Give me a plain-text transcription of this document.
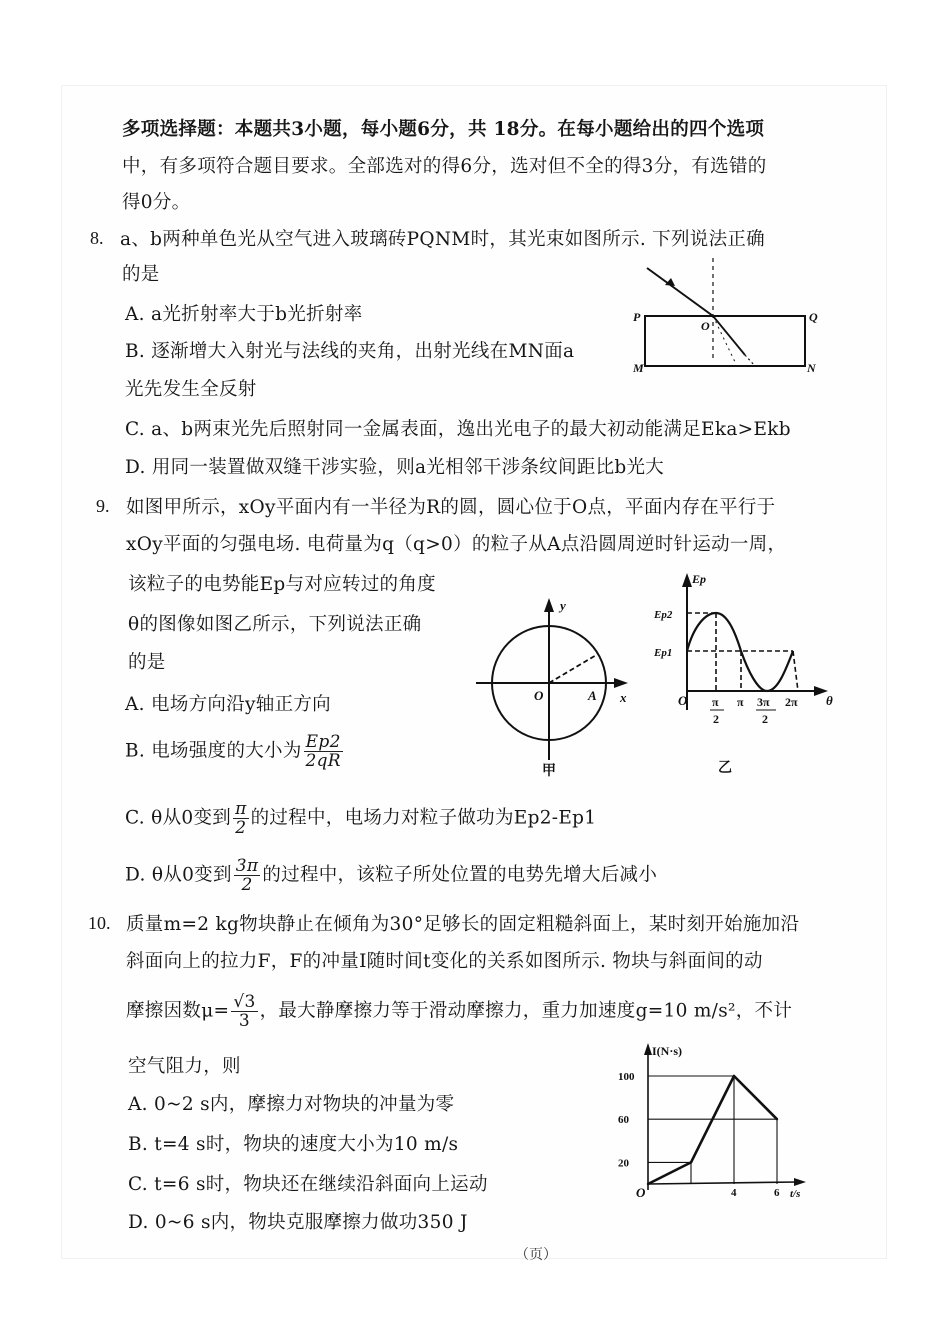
多项选择题：本题共3小题，每小题6分，共 18分。在每小题给出的四个选项
中，有多项符合题目要求。全部选对的得6分，选对但不全的得3分，有选错的
得0分。
8. a、b两种单色光从空气进入玻璃砖PQNM时，其光束如图所示. 下列说法正确
的是
A. a光折射率大于b光折射率
B. 逐渐增大入射光与法线的夹角，出射光线在MN面a
光先发生全反射
C. a、b两束光先后照射同一金属表面，逸出光电子的最大初动能满足Eka>Ekb
D. 用同一装置做双缝干涉实验，则a光相邻干涉条纹间距比b光大
P	Q
M	N
O
9. 如图甲所示，xOy平面内有一半径为R的圆，圆心位于O点，平面内存在平行于
xOy平面的匀强电场. 电荷量为q（q>0）的粒子从A点沿圆周逆时针运动一周，
该粒子的电势能Ep与对应转过的角度
θ的图像如图乙所示，下列说法正确
的是
A. 电场方向沿y轴正方向
B. 电场强度的大小为 $\frac{Ep2}{2qR}$
C. θ从0变到 $\frac{\pi}{2}$ 的过程中，电场力对粒子做功为Ep2-Ep1
D. θ从0变到 $\frac{3\pi}{2}$ 的过程中，该粒子所处位置的电势先增大后减小
y
x
O	A
甲
Ep
Ep2
Ep1
O	θ
π
2
π 3π
2
2π
乙
10. 质量m=2 kg物块静止在倾角为30°足够长的固定粗糙斜面上，某时刻开始施加沿
斜面向上的拉力F，F的冲量I随时间t变化的关系如图所示. 物块与斜面间的动
摩擦因数$\mu= \frac{√3}{3}$ ，最大静摩擦力等于滑动摩擦力，重力加速度g=10 m/s²，不计
空气阻力，则
A. 0~2 s内，摩擦力对物块的冲量为零
B. t=4 s时，物块的速度大小为10 m/s
C. t=6 s时，物块还在继续沿斜面向上运动
D. 0~6 s内，物块克服摩擦力做功350 J
I(N·s)
t/s
O
20
100
60
4	6
（页）
